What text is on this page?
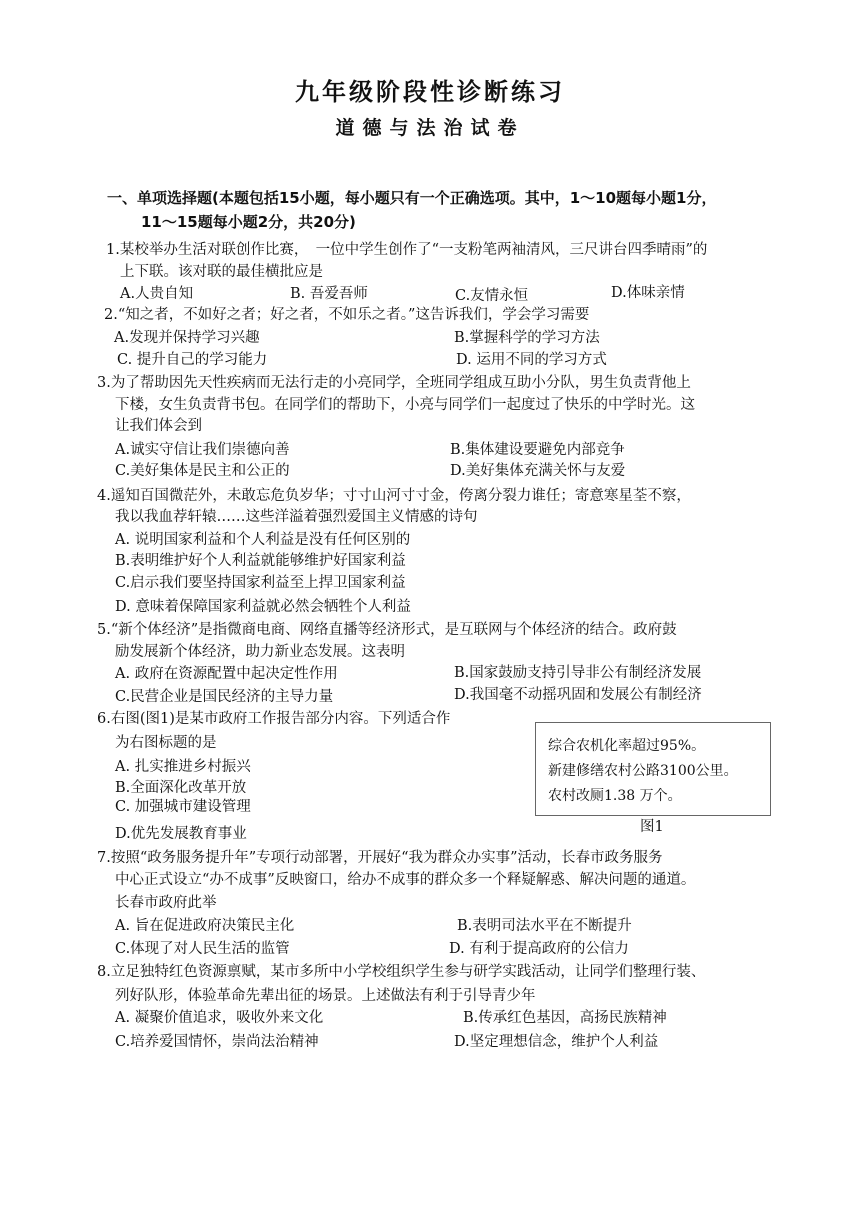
九年级阶段性诊断练习
道德与法治试卷
一、单项选择题(本题包括15小题，每小题只有一个正确选项。其中，1～10题每小题1分，
11～15题每小题2分，共20分)
1.某校举办生活对联创作比赛，　一位中学生创作了“一支粉笔两袖清风，三尺讲台四季晴雨”的
上下联。该对联的最佳横批应是
A.人贵自知	B. 吾爱吾师	C.友情永恒	D.体味亲情
2.“知之者，不如好之者；好之者，不如乐之者。”这告诉我们，学会学习需要
A.发现并保持学习兴趣	B.掌握科学的学习方法
C. 提升自己的学习能力	D. 运用不同的学习方式
3.为了帮助因先天性疾病而无法行走的小亮同学，全班同学组成互助小分队，男生负责背他上
下楼，女生负责背书包。在同学们的帮助下，小亮与同学们一起度过了快乐的中学时光。这
让我们体会到
A.诚实守信让我们崇德向善	B.集体建设要避免内部竞争
C.美好集体是民主和公正的	D.美好集体充满关怀与友爱
4.遥知百国微茫外，未敢忘危负岁华；寸寸山河寸寸金，侉离分裂力谁任；寄意寒星荃不察，
我以我血荐轩辕……这些洋溢着强烈爱国主义情感的诗句
A. 说明国家利益和个人利益是没有任何区别的
B.表明维护好个人利益就能够维护好国家利益
C.启示我们要坚持国家利益至上捍卫国家利益
D. 意味着保障国家利益就必然会牺牲个人利益
5.“新个体经济”是指微商电商、网络直播等经济形式，是互联网与个体经济的结合。政府鼓
励发展新个体经济，助力新业态发展。这表明
A. 政府在资源配置中起决定性作用	B.国家鼓励支持引导非公有制经济发展
C.民营企业是国民经济的主导力量	D.我国毫不动摇巩固和发展公有制经济
6.右图(图1)是某市政府工作报告部分内容。下列适合作
为右图标题的是
A. 扎实推进乡村振兴
B.全面深化改革开放
C. 加强城市建设管理
D.优先发展教育事业
综合农机化率超过95%。
新建修缮农村公路3100公里。
农村改厕1.38 万个。
图1
7.按照“政务服务提升年”专项行动部署，开展好“我为群众办实事”活动，长春市政务服务
中心正式设立“办不成事”反映窗口，给办不成事的群众多一个释疑解惑、解决问题的通道。
长春市政府此举
A. 旨在促进政府决策民主化	B.表明司法水平在不断提升
C.体现了对人民生活的监管	D. 有利于提高政府的公信力
8.立足独特红色资源禀赋，某市多所中小学校组织学生参与研学实践活动，让同学们整理行装、
列好队形，体验革命先辈出征的场景。上述做法有利于引导青少年
A. 凝聚价值追求，吸收外来文化	B.传承红色基因，高扬民族精神
C.培养爱国情怀，崇尚法治精神	D.坚定理想信念，维护个人利益
